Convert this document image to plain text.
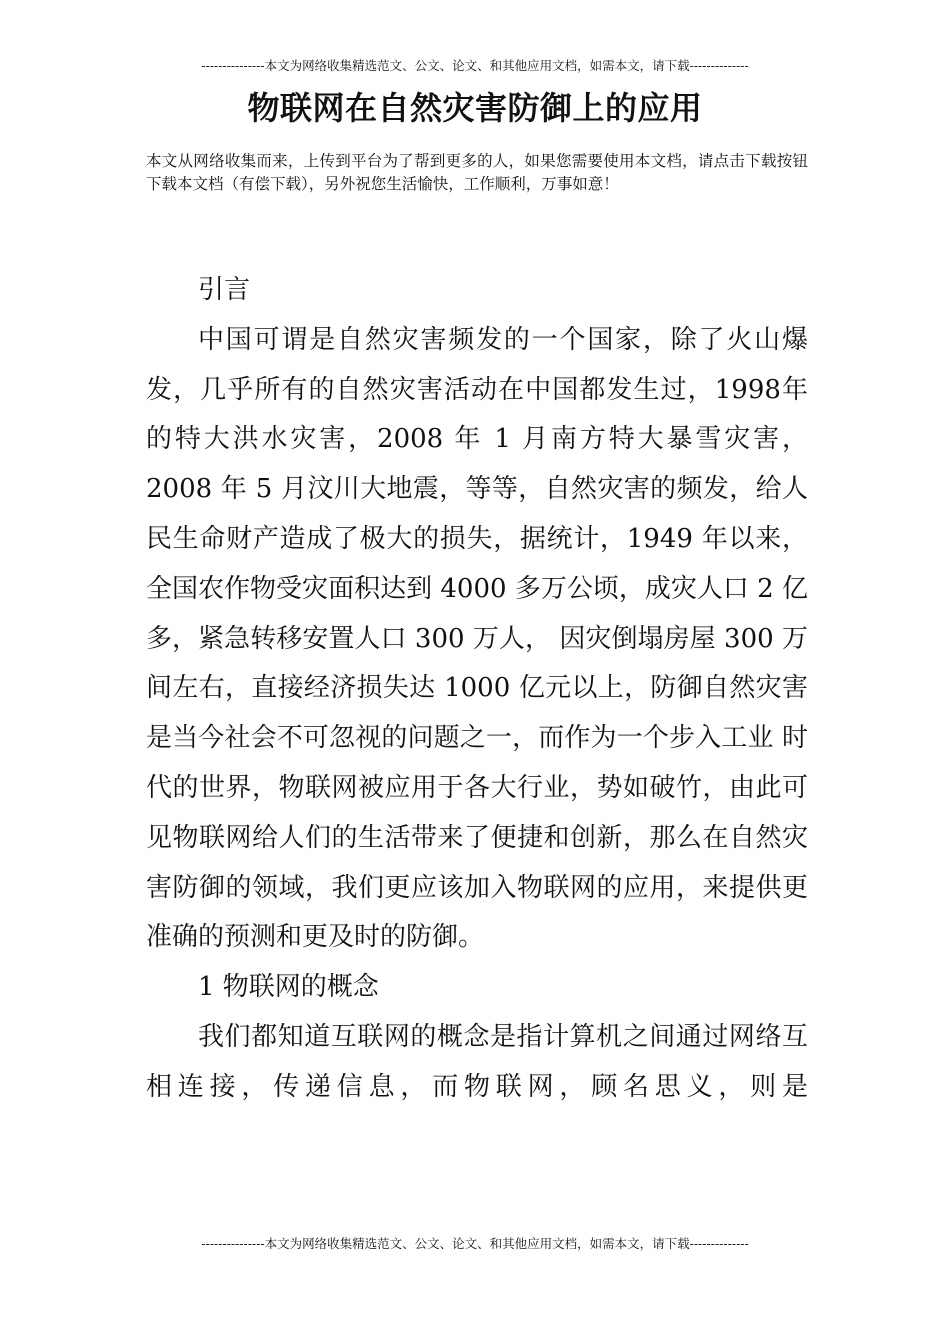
---------------本文为网络收集精选范文、公文、论文、和其他应用文档，如需本文，请下载--------------
物联网在自然灾害防御上的应用
本文从网络收集而来，上传到平台为了帮到更多的人，如果您需要使用本文档，请点击下载按钮下载本文档（有偿下载），另外祝您生活愉快，工作顺利，万事如意！

引言

中国可谓是自然灾害频发的一个国家，除了火山爆发，几乎所有的自然灾害活动在中国都发生过，1998年的特大洪水灾害，2008 年 1 月南方特大暴雪灾害，2008 年 5 月汶川大地震，等等，自然灾害的频发，给人民生命财产造成了极大的损失，据统计，1949 年以来，全国农作物受灾面积达到 4000 多万公顷，成灾人口 2 亿多，紧急转移安置人口 300 万人， 因灾倒塌房屋 300 万间左右，直接经济损失达 1000 亿元以上，防御自然灾害是当今社会不可忽视的问题之一，而作为一个步入工业 时代的世界，物联网被应用于各大行业，势如破竹，由此可见物联网给人们的生活带来了便捷和创新，那么在自然灾害防御的领域，我们更应该加入物联网的应用，来提供更准确的预测和更及时的防御。

1 物联网的概念

我们都知道互联网的概念是指计算机之间通过网络互相连接，传递信息，而物联网，顾名思义，则是

---------------本文为网络收集精选范文、公文、论文、和其他应用文档，如需本文，请下载--------------
